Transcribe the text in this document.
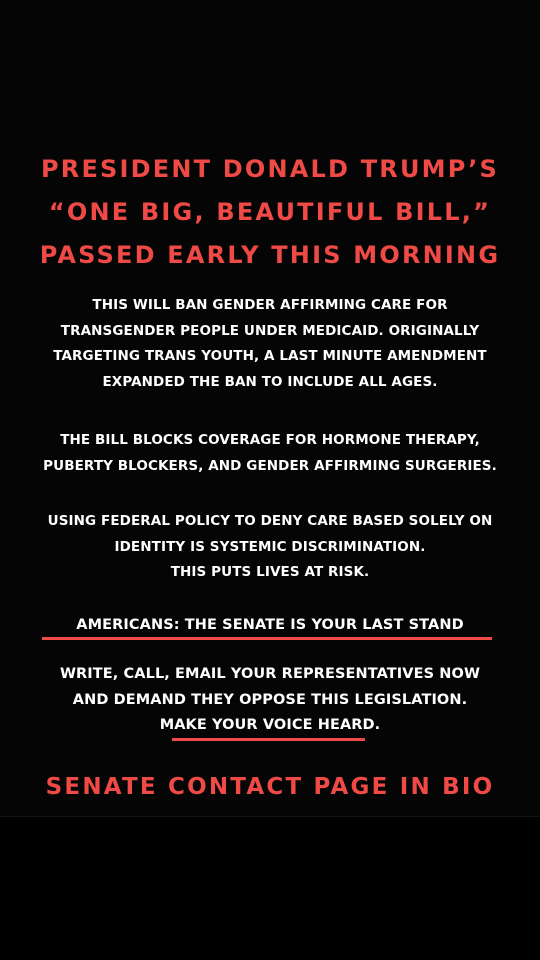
PRESIDENT DONALD TRUMP’S
“ONE BIG, BEAUTIFUL BILL,”
PASSED EARLY THIS MORNING
THIS WILL BAN GENDER AFFIRMING CARE FOR
TRANSGENDER PEOPLE UNDER MEDICAID. ORIGINALLY
TARGETING TRANS YOUTH, A LAST MINUTE AMENDMENT
EXPANDED THE BAN TO INCLUDE ALL AGES.
THE BILL BLOCKS COVERAGE FOR HORMONE THERAPY,
PUBERTY BLOCKERS, AND GENDER AFFIRMING SURGERIES.
USING FEDERAL POLICY TO DENY CARE BASED SOLELY ON
IDENTITY IS SYSTEMIC DISCRIMINATION.
THIS PUTS LIVES AT RISK.
AMERICANS: THE SENATE IS YOUR LAST STAND
WRITE, CALL, EMAIL YOUR REPRESENTATIVES NOW
AND DEMAND THEY OPPOSE THIS LEGISLATION.
MAKE YOUR VOICE HEARD.
SENATE CONTACT PAGE IN BIO
